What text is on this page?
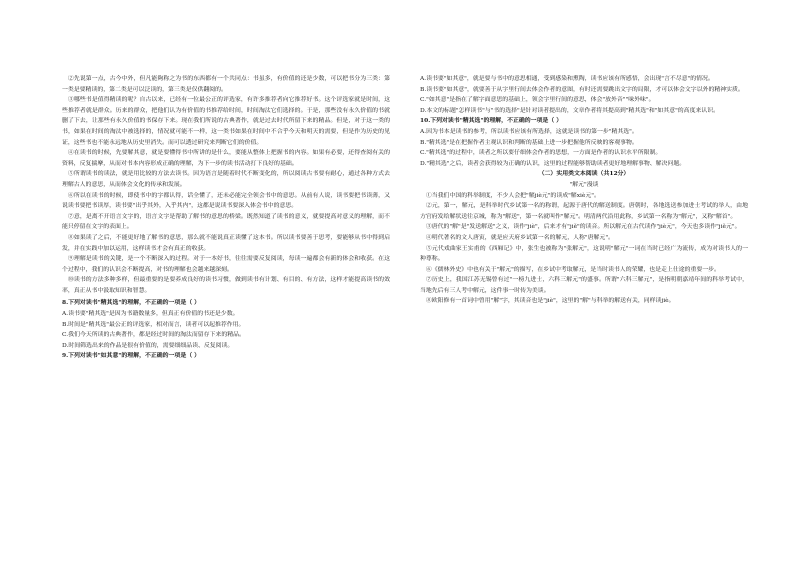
②先说第一点，古今中外，但凡能夠称之为书的东西都有一个共同点：书虽多，有价值的还是少数，可以把书分为三类：第一类是要精读的，第二类是可以泛读的，第三类是仅供翻阅的。

③哪些书是值得精读的呢？自古以来，已经有一位最公正的评选家，有许多推荐者向它推荐好书。这个评选家就是时间，这些推荐者就是群众。历来的群众，把他们认为有价值的书推荐给时间，时间淘汰它们选择的。于是，那些没有永久价值的书就删了下去，让那些有永久价值的书保存下来。现在我们所说的古典著作，就是过去时代所留下来的精品。但是，对于这一类的书，如果在时间的淘汰中被选择的，情况就可能不一样，这一类书如果在时间中不合乎今天和明天的需要，但是作为历史的见证，这些书也不能永远地从历史里消失。而可以透过研究来判断它们的价值。

④在读书的时候，先要解其意，就是要懂得书中所讲的是什么，要能从整体上把握书的内容。如果有必要，还得查阅有关的资料，反复揣摩，从而对书本内容形成正确的理解，为下一步的读书活动打下良好的基础。

⑤所谓读书的读法，就是用比较的方法去读书。因为语言是随着时代不断变化的，所以阅读古书要有耐心，通过各种方式去理解古人的意思，从而体会文化的传承和发展。

⑥所以在读书的时候，即使书中的字都认得，话全懂了，还未必能完全领会书中的意思。从前有人说，读书要把书读薄，又说读书要把书读厚，读书要"出乎其外，入乎其内"，这都是说读书要深入体会书中的意思。

⑦意，是离不开语言文字的，语言文字是帮助了解书的意思的桥梁。既然知道了读书的意义，就要提高对意义的理解，而不能只停留在文字的表面上。

⑧如果读了之后，不能更好地了解书的意思，那么就不能说真正读懂了这本书。所以读书要善于思考，要能够从书中得到启发，并在实践中加以运用，这样读书才会有真正的收获。

⑨理解是读书的关键，是一个不断深入的过程。对于一本好书，往往需要反复阅读，每读一遍都会有新的体会和收获。在这个过程中，我们的认识会不断提高，对书的理解也会越来越深刻。

⑩读书的方法多种多样，但最重要的是要养成良好的读书习惯，做到读书有计划、有目的、有方法，这样才能提高读书的效率，真正从书中汲取知识和智慧。

8.下列对读书"精其选"的理解，不正确的一项是（ ）

A.读书要"精其选"是因为书籍数量多，但真正有价值的书还是少数。

B.时间是"精其选"最公正的评选家，相对而言，读者可以起推荐作用。

C.我们今天所读的古典著作，都是经过时间的淘汰而留存下来的精品。

D.时间筛选出来的作品是很有价值的，需要细细品读、反复阅读。

9.下列对读书"如其意"的理解，不正确的一项是（ ）

A.读书要"如其意"，就是要与书中的意思相通，受到感染和熏陶，读书应该有所感悟，会出现"言不尽意"的情况。

B.读书要"如其意"，就要善于从字里行间去体会作者的意图，有时还需要跳出文字的局限，才可以体会文字以外的精神实质。

C."如其意"是指在了解字面意思的基础上，领会字里行间的意思，体会"放外音""味外味"。

D.本文的标题"怎样读书"与"书的选择"是针对读者提出的，文章作者将其提高到"精其选"和"如其意"的高度来认识。

10.下列对读书"精其选"的理解，不正确的一项是（ ）

A.因为书本是读书的参考，所以读书应该有所选择，这就是读书的第一步"精其选"。

B."精其选"是在把握作者主观认识和判断的基础上进一步把握他所反映的客观事物。

C."精其选"的过程中，读者之所以要仔细体会作者的思想，一方面是作者的认识水平所限制。

D."精其选"之后，读者会获得较为正确的认识，这里的过程能够帮助读者更好地理解事物、解决问题。

（二）实用类文本阅读（共12分）

"解元"漫谈

①当我们中国的科举制度，不少人会把"解jiè元"的读成"解xiè元"。

②元，第一，解元，是科举时代乡试第一名的称谓，起源于唐代的解送制度。唐朝时，各地选送参加进士考试的举人，由地方官府发给解状送往京城，称为"解送"，第一名就叫作"解元"。明清两代沿用此称，乡试第一名称为"解元"，又称"解首"。

③唐代的"解"是"发送解送"之义，读作"jiè"，后来才有"jiě"的读音。所以解元在古代读作"jiè元"，今天也多读作"jiě元"。

④明代著名的文人唐寅，就是应天府乡试第一名的解元，人称"唐解元"。

⑤元代戏曲家王实甫的《西厢记》中，张生也被称为"张解元"，这说明"解元"一词在当时已经广为流传，成为对读书人的一种尊称。

⑥《儒林外史》中也有关于"解元"的描写，在乡试中考取解元，是当时读书人的荣耀，也是走上仕途的重要一步。

⑦历史上，我国江苏无锡曾有过"一榜九进士，六科三解元"的盛事。所谓"六科三解元"，是指明朝嘉靖年间的科举考试中，当地先后有三人考中解元，这件事一时传为美谈。

⑧欧阳修有一首词中曾用"解"字，其读音也是"jiè"，这里的"解"与科举的解送有关，同样读jiè。
